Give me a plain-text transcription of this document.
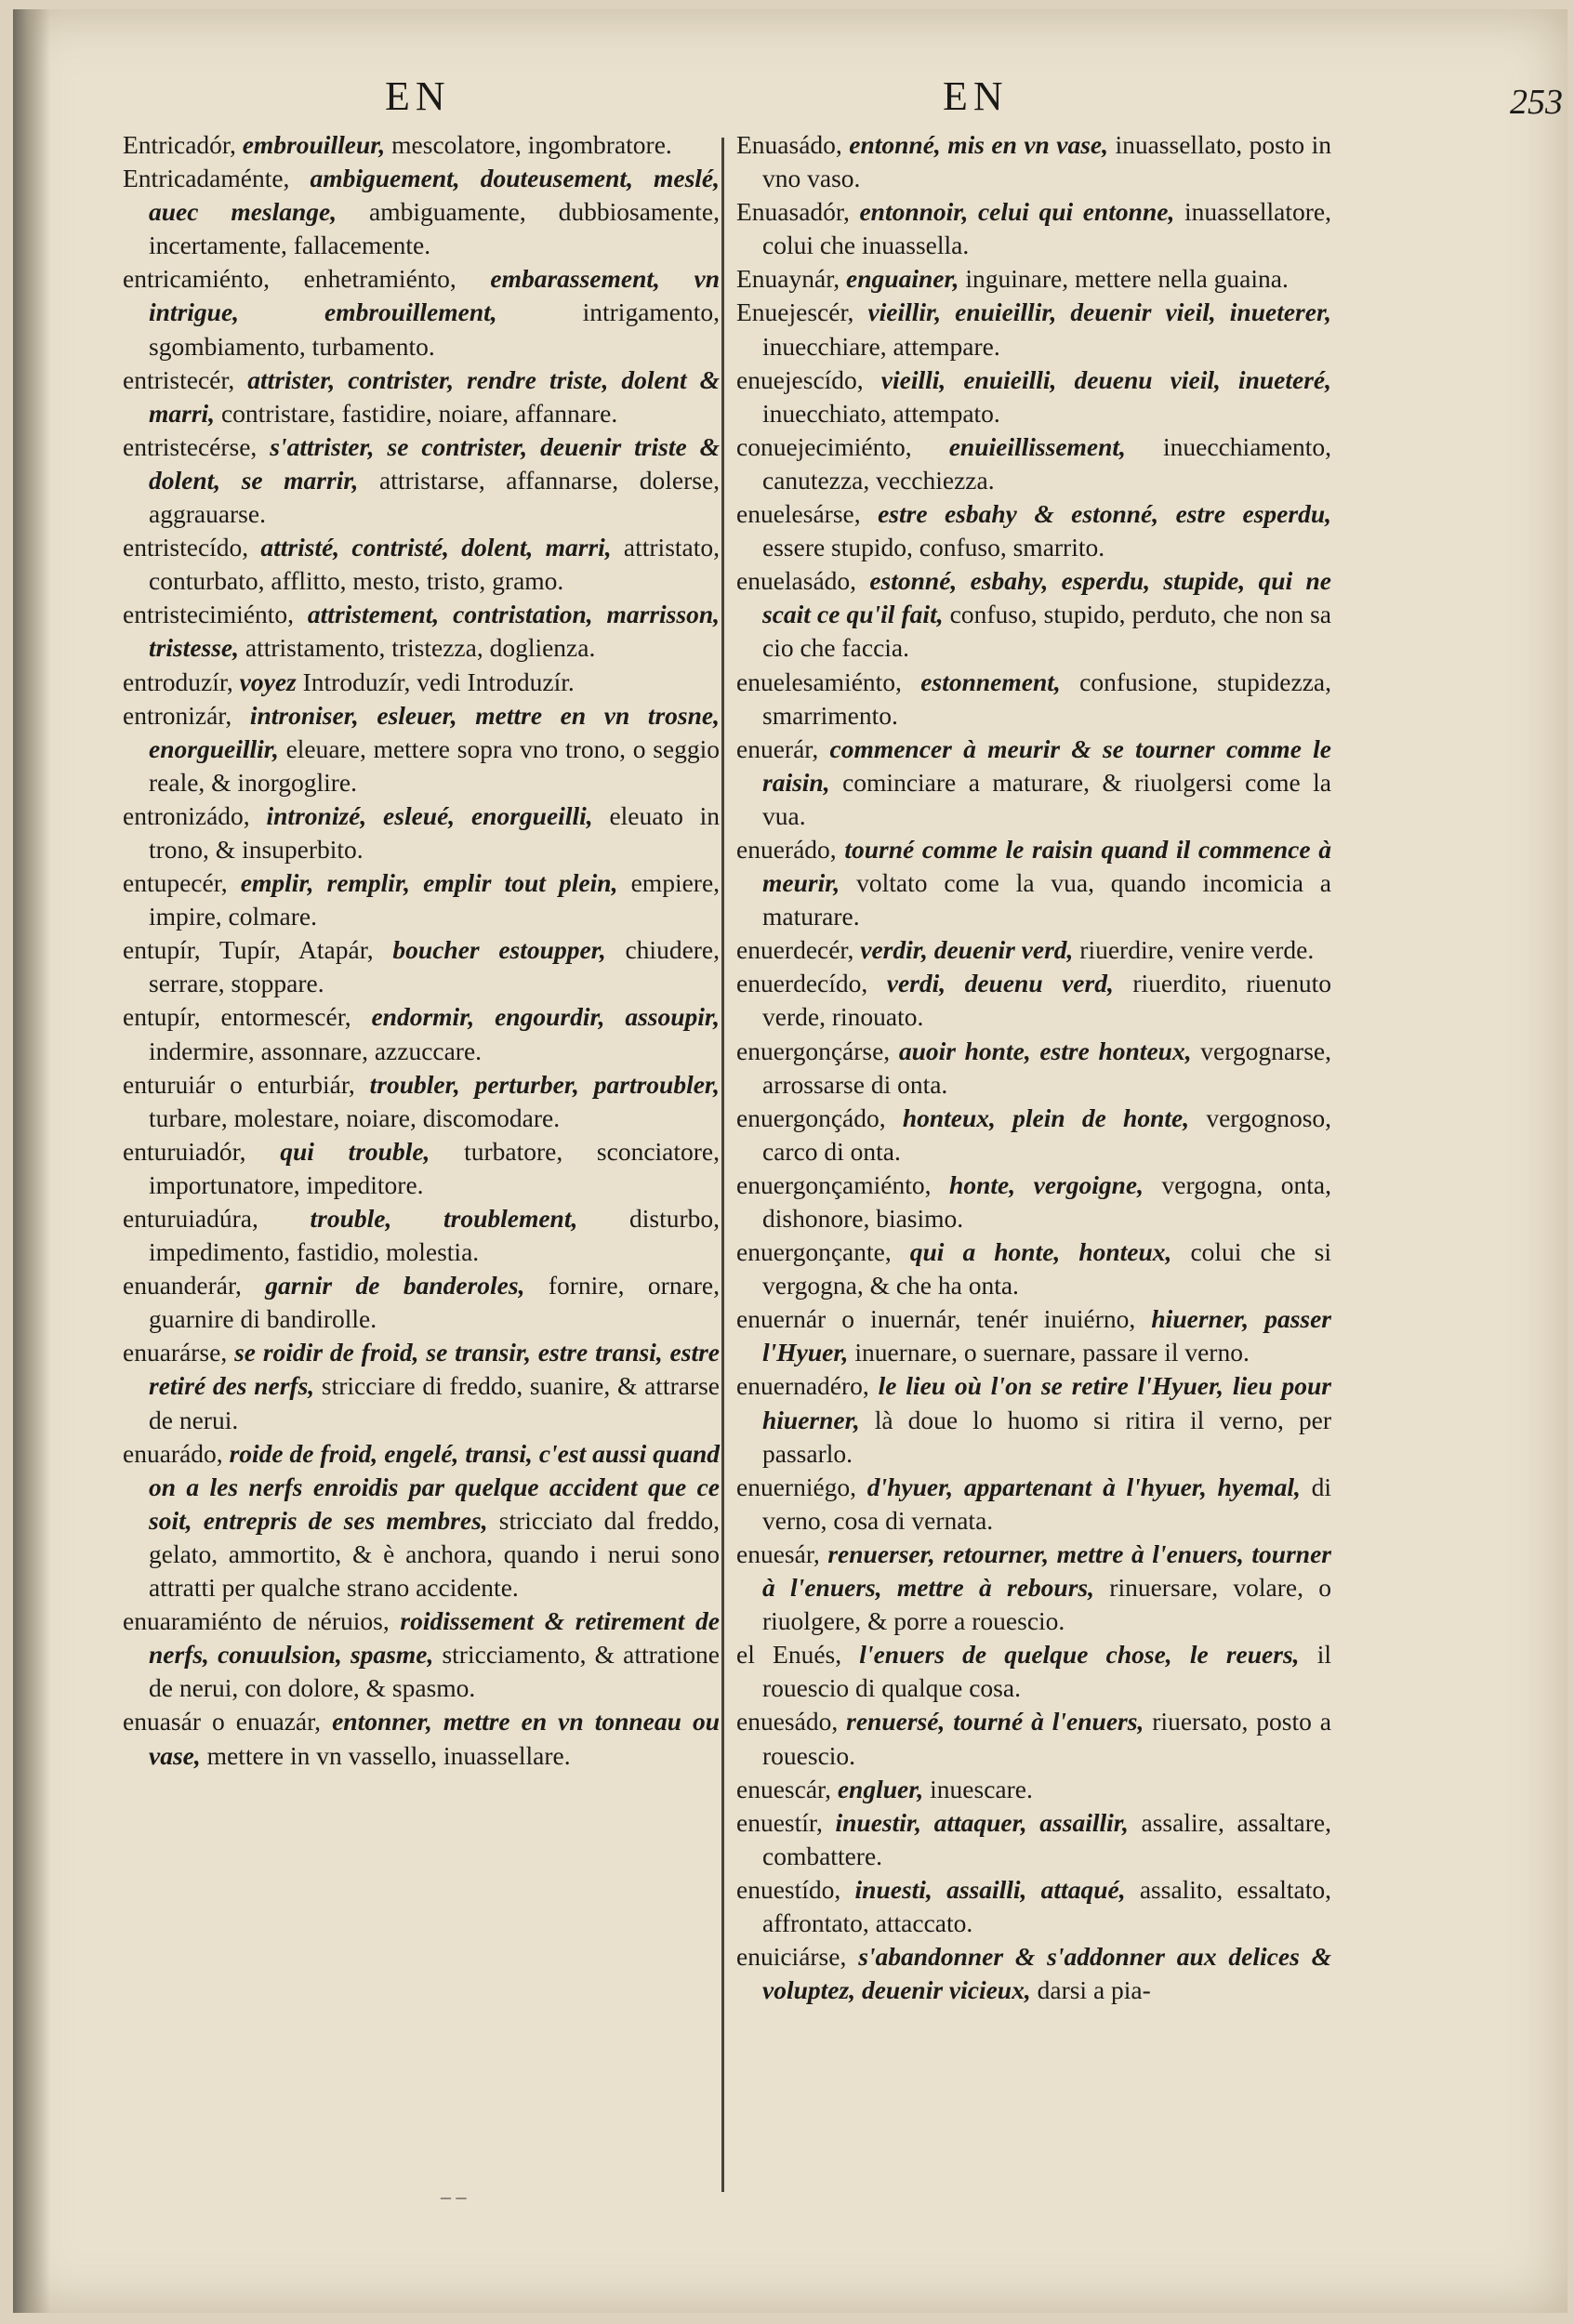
EN	EN	253
Entricadór, embrouilleur, mescolatore, ingombratore.
Entricadaménte, ambiguement, douteusement, meslé, auec meslange, ambiguamente, dubbiosamente, incertamente, fallacemente.
entricamiénto, enhetramiénto, embarassement, vn intrigue, embrouillement,	intrigamento, sgombiamento, turbamento.
entristecér, attrister, contrister, rendre triste, dolent & marri, contristare, fastidire, noiare, affannare.
entristecérse, s'attrister, se contrister, deuenir triste & dolent, se marrir, attristarse, affannarse, dolerse, aggrauarse.
entristecído, attristé, contristé, dolent, marri, attristato, conturbato, afflitto, mesto, tristo, gramo.
entristecimiénto, attristement, contristation, marrisson, tristesse, attristamento, tristezza, doglienza.
entroduzír, voyez Introduzír, vedi Introduzír.
entronizár, introniser, esleuer, mettre en vn trosne, enorgueillir, eleuare, mettere sopra vno trono, o seggio reale, & inorgoglire.
entronizádo, intronizé, esleué, enorgueilli, eleuato in trono, & insuperbito.
entupecér, emplir, remplir, emplir tout plein, empiere, impire, colmare.
entupír, Tupír, Atapár, boucher estoupper, chiudere, serrare, stoppare.
entupír, entormescér, endormir, engourdir, assoupir, indermire, assonnare, azzuccare.
enturuiár o enturbiár, troubler, perturber, partroubler, turbare, molestare, noiare, discomodare.
enturuiadór, qui trouble, turbatore, sconciatore, importunatore, impeditore.
enturuiadúra, trouble, troublement, disturbo, impedimento, fastidio, molestia.
enuanderár, garnir de banderoles, fornire, ornare, guarnire di bandirolle.
enuarárse, se roidir de froid, se transir, estre transi, estre retiré des nerfs, stricciare di freddo, suanire, & attrarse de nerui.
enuarádo, roide de froid, engelé, transi, c'est aussi quand on a les nerfs enroidis par quelque accident que ce soit, entrepris de ses membres, stricciato dal freddo, gelato, ammortito, & è anchora, quando i nerui sono attratti per qualche strano accidente.
enuaramiénto de néruios, roidissement & retirement de nerfs, conuulsion, spasme, stricciamento, & attratione de nerui, con dolore, & spasmo.
enuasár o enuazár, entonner, mettre en vn tonneau ou vase, mettere in vn vassello, inuassellare.
Enuasádo, entonné, mis en vn vase, inuassellato, posto in vno vaso.
Enuasadór, entonnoir, celui qui entonne, inuassellatore, colui che inuassella.
Enuaynár, enguainer, inguinare, mettere nella guaina.
Enuejescér, vieillir, enuieillir, deuenir vieil, inueterer, inuecchiare, attempare.
enuejescído, vieilli, enuieilli, deuenu vieil, inueteré, inuecchiato, attempato.
conuejecimiénto, enuieillissement, inuecchiamento, canutezza, vecchiezza.
enuelesárse, estre esbahy & estonné, estre esperdu, essere stupido, confuso, smarrito.
enuelasádo, estonné, esbahy, esperdu, stupide, qui ne scait ce qu'il fait, confuso, stupido, perduto, che non sa cio che faccia.
enuelesamiénto, estonnement, confusione, stupidezza, smarrimento.
enuerár, commencer à meurir & se tourner comme le raisin, cominciare a maturare, & riuolgersi come la vua.
enuerádo, tourné comme le raisin quand il commence à meurir, voltato come la vua, quando incomicia a maturare.
enuerdecér, verdir, deuenir verd, riuerdire, venire verde.
enuerdecído, verdi, deuenu verd, riuerdito, riuenuto verde, rinouato.
enuergonçárse, auoir honte, estre honteux, vergognarse, arrossarse di onta.
enuergonçádo, honteux, plein de honte, vergognoso, carco di onta.
enuergonçamiénto, honte, vergoigne, vergogna, onta, dishonore, biasimo.
enuergonçante, qui a honte, honteux, colui che si vergogna, & che ha onta.
enuernár o inuernár, tenér inuiérno, hiuerner, passer l'Hyuer, inuernare, o suernare, passare il verno.
enuernadéro, le lieu où l'on se retire l'Hyuer, lieu pour hiuerner, là doue lo huomo si ritira il verno, per passarlo.
enuerniégo, d'hyuer, appartenant à l'hyuer, hyemal, di verno, cosa di vernata.
enuesár, renuerser, retourner, mettre à l'enuers, tourner à l'enuers, mettre à rebours, rinuersare, volare, o riuolgere, & porre a rouescio.
el Enués, l'enuers de quelque chose, le reuers, il rouescio di qualque cosa.
enuesádo, renuersé, tourné à l'enuers, riuersato, posto a rouescio.
enuescár, engluer, inuescare.
enuestír, inuestir, attaquer, assaillir, assalire, assaltare, combattere.
enuestído, inuesti, assailli, attaqué, assalito, essaltato, affrontato, attaccato.
enuiciárse, s'abandonner & s'addonner aux delices & voluptez, deuenir vicieux, darsi a pia-
– –
